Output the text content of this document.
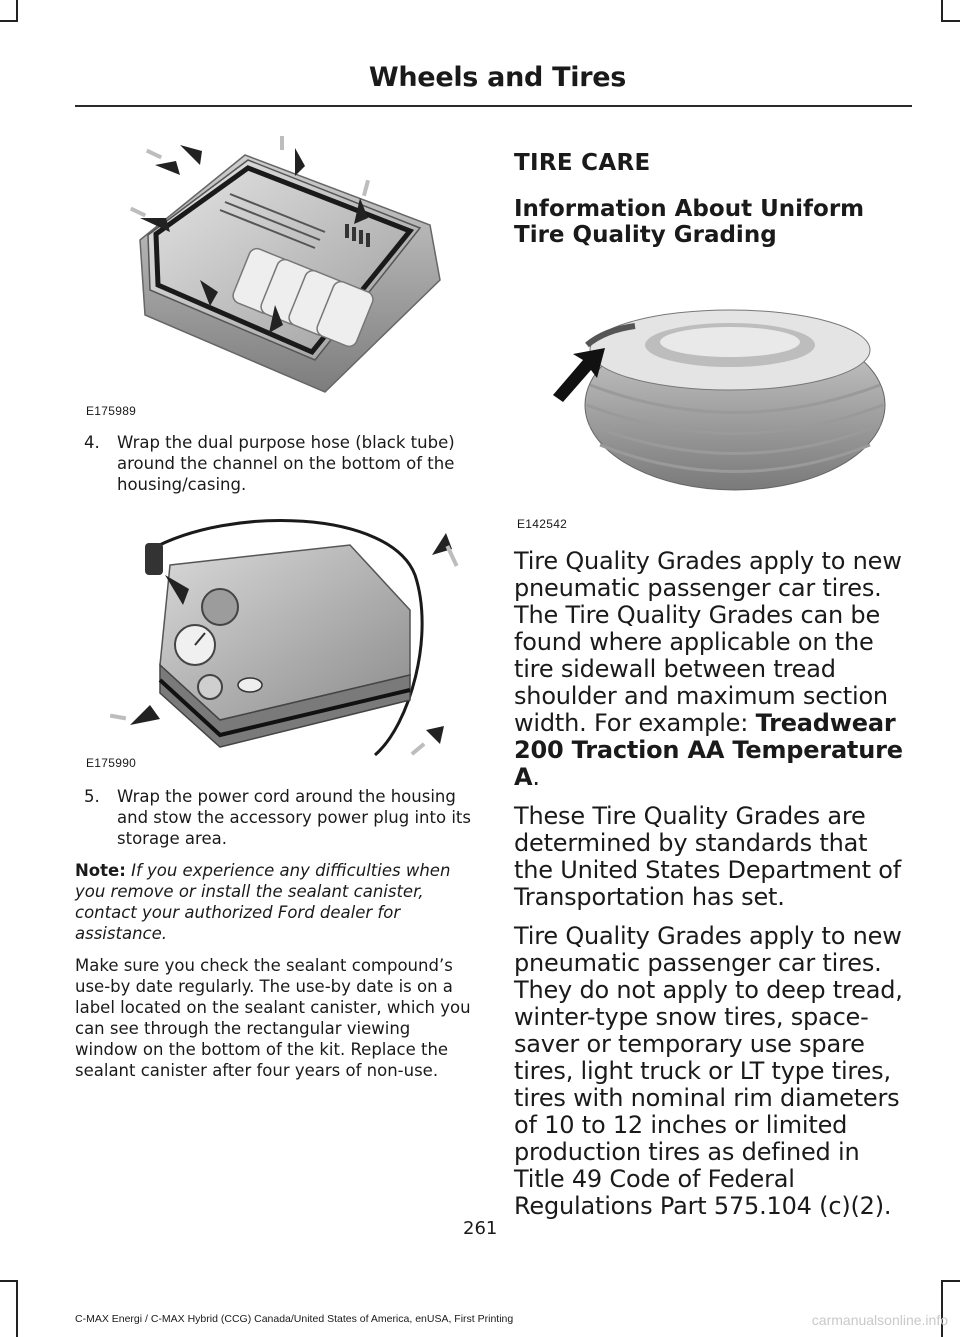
Wheels and Tires
E175989
4. Wrap the dual purpose hose (black tube) around the channel on the bottom of the housing/casing.
E175990
5. Wrap the power cord around the housing and stow the accessory power plug into its storage area.

Note: If you experience any difficulties when you remove or install the sealant canister, contact your authorized Ford dealer for assistance.

Make sure you check the sealant compound’s use-by date regularly. The use-by date is on a label located on the sealant canister, which you can see through the rectangular viewing window on the bottom of the kit. Replace the sealant canister after four years of non-use.

TIRE CARE
Information About Uniform Tire Quality Grading
E142542

Tire Quality Grades apply to new pneumatic passenger car tires. The Tire Quality Grades can be found where applicable on the tire sidewall between tread shoulder and maximum section width. For example: Treadwear 200 Traction AA Temperature A.

These Tire Quality Grades are determined by standards that the United States Department of Transportation has set.

Tire Quality Grades apply to new pneumatic passenger car tires. They do not apply to deep tread, winter-type snow tires, space-saver or temporary use spare tires, light truck or LT type tires, tires with nominal rim diameters of 10 to 12 inches or limited production tires as defined in Title 49 Code of Federal Regulations Part 575.104 (c)(2).

261
C-MAX Energi / C-MAX Hybrid (CCG) Canada/United States of America, enUSA, First Printing	carmanualsonline.info
